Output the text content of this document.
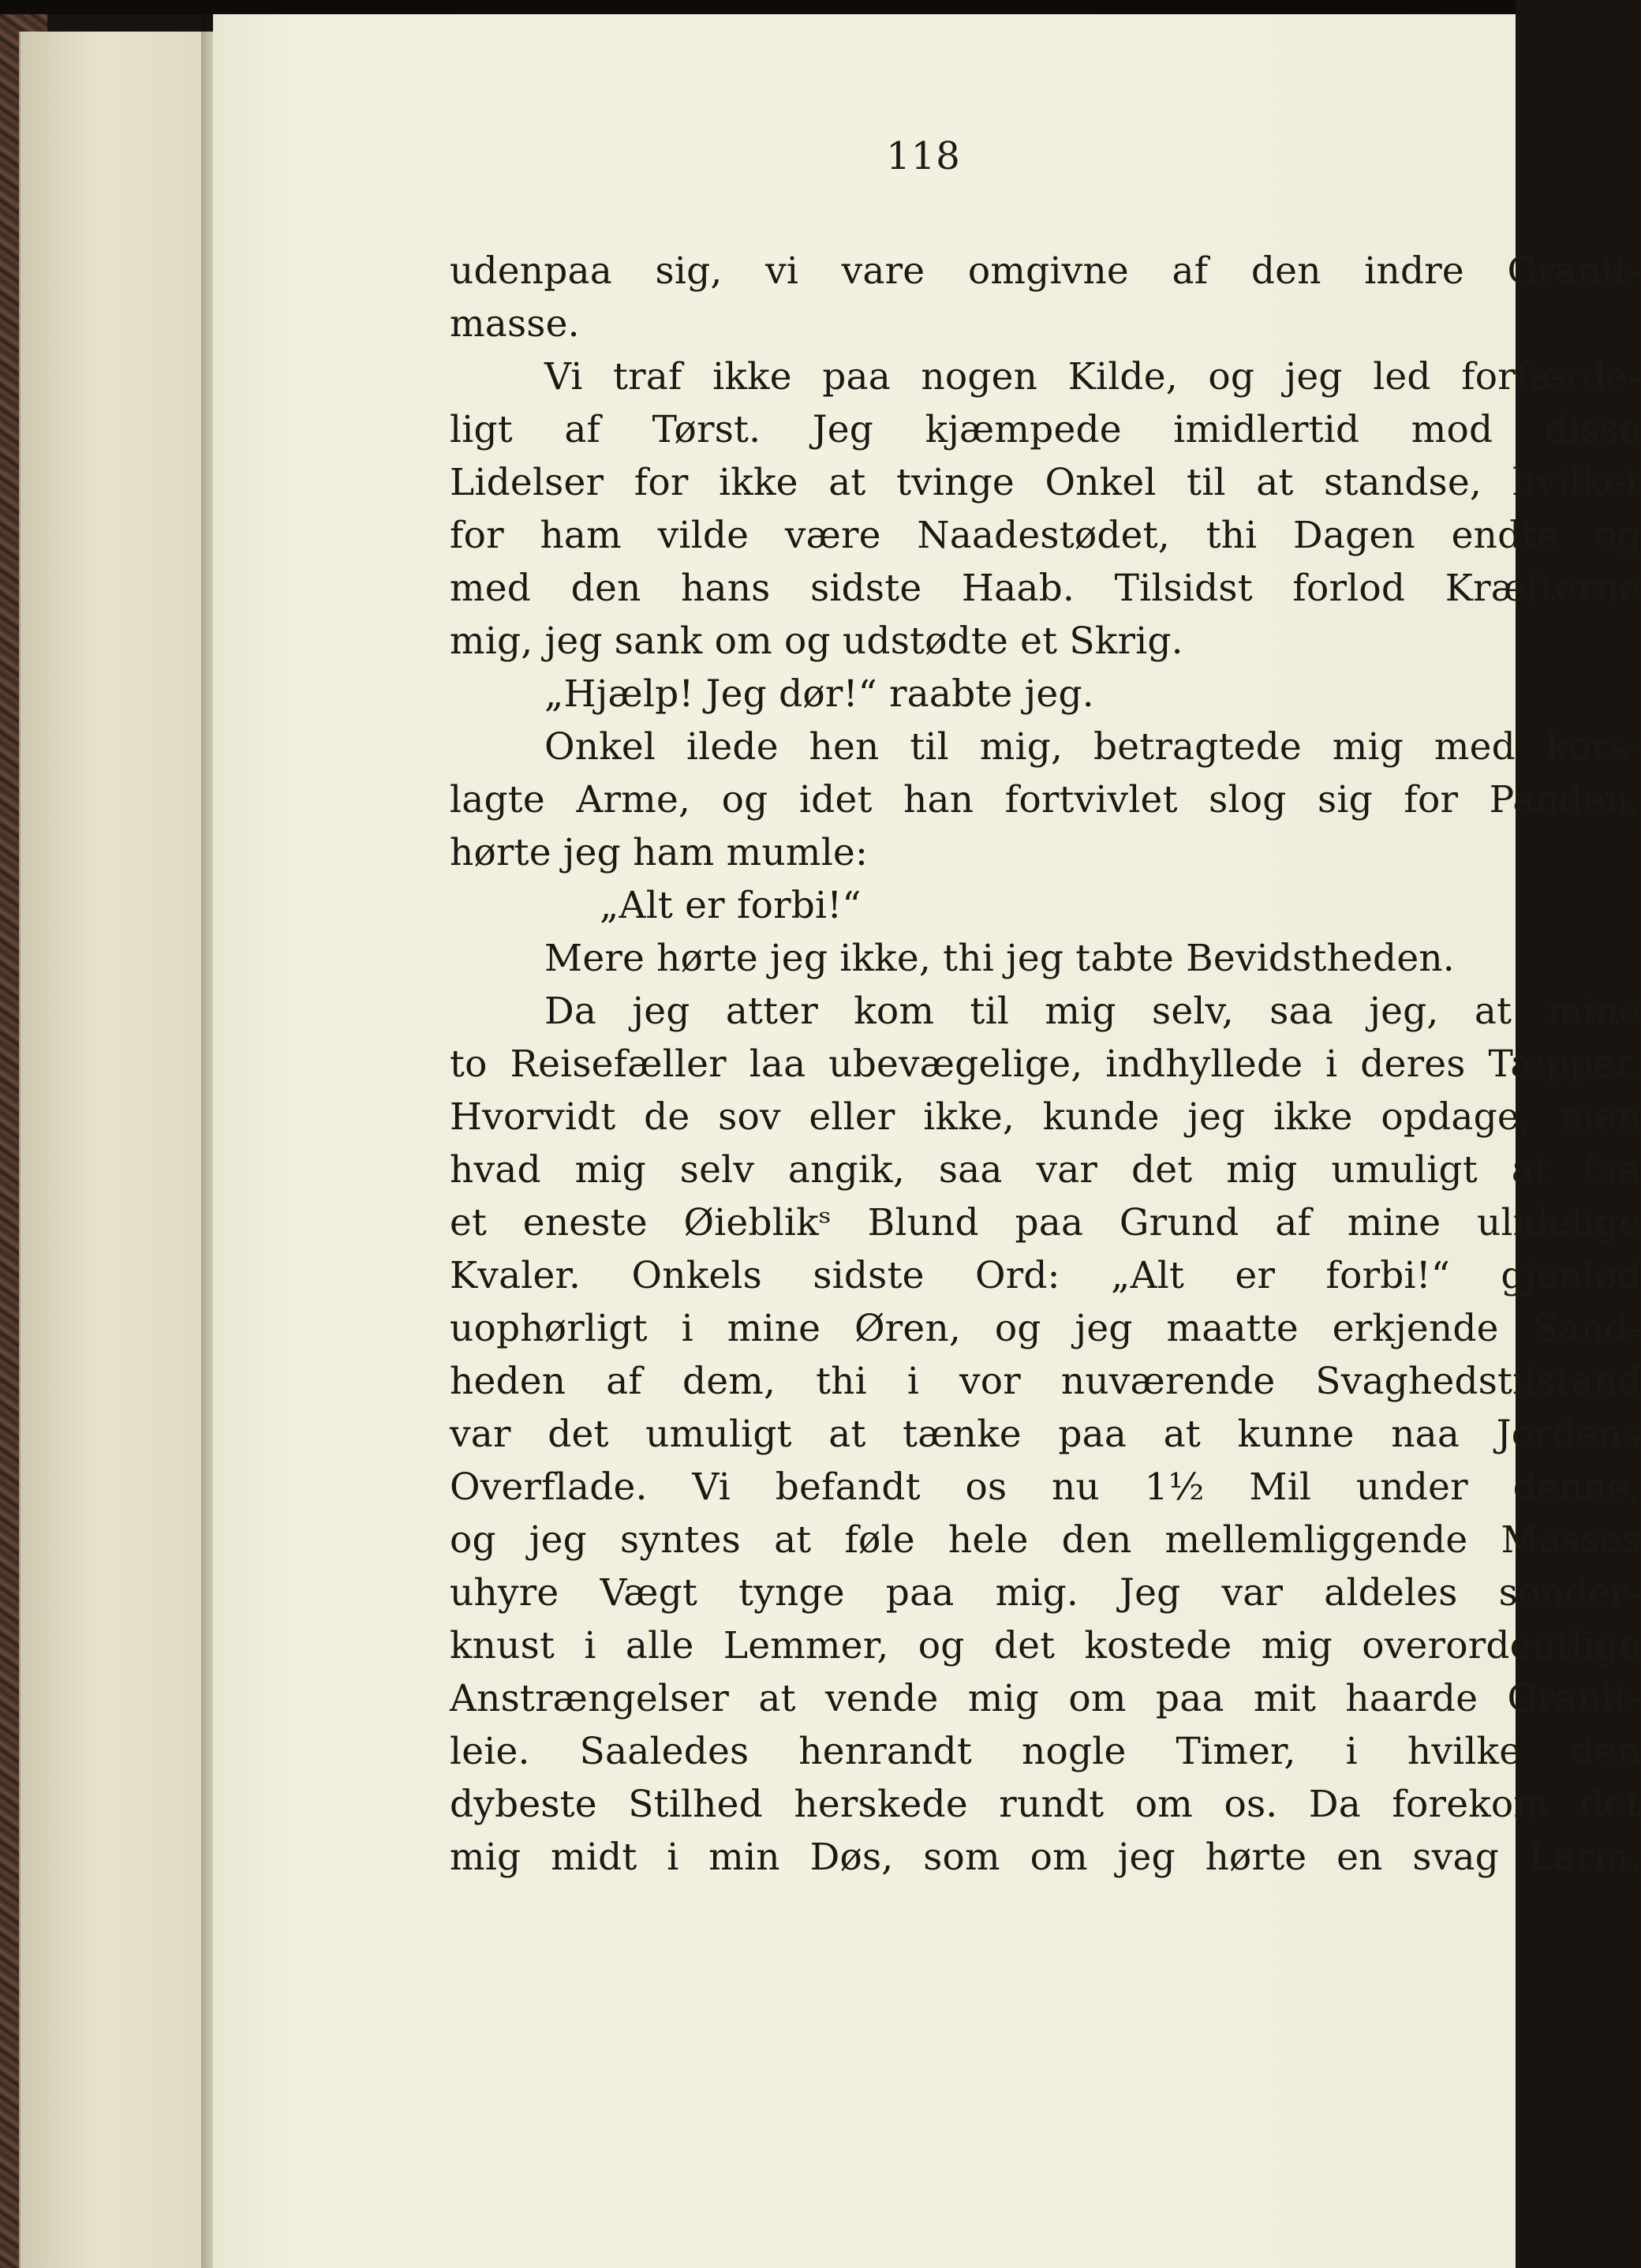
118
udenpaa sig, vi vare omgivne af den indre Granit-
masse.
Vi traf ikke paa nogen Kilde, og jeg led forfærde-
ligt af Tørst. Jeg kjæmpede imidlertid mod disse
Lidelser for ikke at tvinge Onkel til at standse, hvilket
for ham vilde være Naadestødet, thi Dagen endte og
med den hans sidste Haab. Tilsidst forlod Kræfterne
mig, jeg sank om og udstødte et Skrig.
„Hjælp! Jeg dør!“ raabte jeg.
Onkel ilede hen til mig, betragtede mig med kors-
lagte Arme, og idet han fortvivlet slog sig for Panden,
hørte jeg ham mumle:
„Alt er forbi!“
Mere hørte jeg ikke, thi jeg tabte Bevidstheden.
Da jeg atter kom til mig selv, saa jeg, at mine
to Reisefæller laa ubevægelige, indhyllede i deres Tæpper.
Hvorvidt de sov eller ikke, kunde jeg ikke opdage, men
hvad mig selv angik, saa var det mig umuligt at faa
et eneste Øieblikˢ Blund paa Grund af mine ulidelige
Kvaler. Onkels sidste Ord: „Alt er forbi!“ gjenlød
uophørligt i mine Øren, og jeg maatte erkjende Sand-
heden af dem, thi i vor nuværende Svaghedstilstand
var det umuligt at tænke paa at kunne naa Jordens
Overflade. Vi befandt os nu 1½ Mil under denne,
og jeg syntes at føle hele den mellemliggende Masses
uhyre Vægt tynge paa mig. Jeg var aldeles sønder-
knust i alle Lemmer, og det kostede mig overordentlige
Anstrængelser at vende mig om paa mit haarde Granit-
leie. Saaledes henrandt nogle Timer, i hvilke den
dybeste Stilhed herskede rundt om os. Da forekom det
mig midt i min Døs, som om jeg hørte en svag Larm,
